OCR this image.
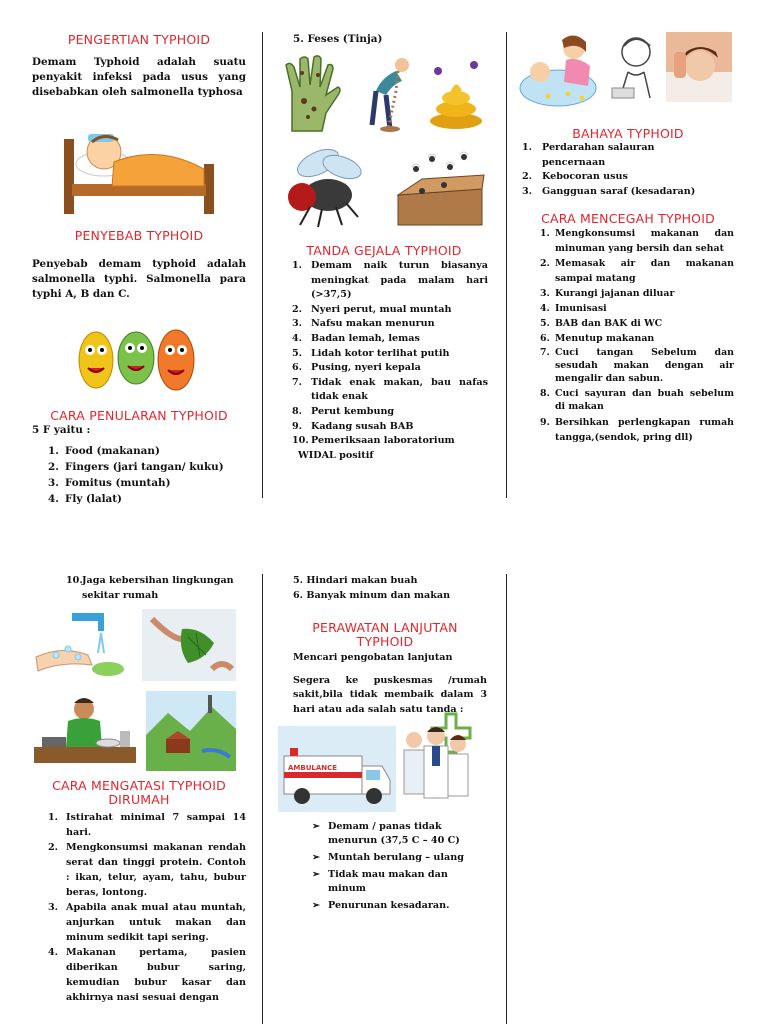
PENGERTIAN TYPHOID

Demam Typhoid adalah suatu penyakit infeksi pada usus yang disebabkan oleh salmonella typhosa

PENYEBAB TYPHOID

Penyebab demam typhoid adalah salmonella typhi. Salmonella para typhi A, B dan C.

CARA PENULARAN TYPHOID

5 F yaitu :

1. Food (makanan)
2. Fingers (jari tangan/ kuku)
3. Fomitus (muntah)
4. Fly (lalat)

5. Feses (Tinja)

TANDA GEJALA TYPHOID

1. Demam naik turun biasanya meningkat pada malam hari (>37,5)
2. Nyeri perut, mual muntah
3. Nafsu makan menurun
4. Badan lemah, lemas
5. Lidah kotor terlihat putih
6. Pusing, nyeri kepala
7. Tidak enak makan, bau nafas tidak enak
8. Perut kembung
9. Kadang susah BAB
10. Pemeriksaan laboratorium
WIDAL positif

BAHAYA TYPHOID

1. Perdarahan salauran pencernaan
2. Kebocoran usus
3. Gangguan saraf (kesadaran)

CARA MENCEGAH TYPHOID

1. Mengkonsumsi makanan dan minuman yang bersih dan sehat
2. Memasak air dan makanan sampai matang
3. Kurangi jajanan diluar
4. Imunisasi
5. BAB dan BAK di WC
6. Menutup makanan
7. Cuci tangan Sebelum dan sesudah makan dengan air mengalir dan sabun.
8. Cuci sayuran dan buah sebelum di makan
9. Bersihkan perlengkapan rumah tangga,(sendok, pring dll)
10. Jaga kebersihan lingkungan sekitar rumah

CARA MENGATASI TYPHOID
DIRUMAH

1. Istirahat minimal 7 sampai 14 hari.
2. Mengkonsumsi makanan rendah serat dan tinggi protein. Contoh : ikan, telur, ayam, tahu, bubur beras, lontong.
3. Apabila anak mual atau muntah, anjurkan untuk makan dan minum sedikit tapi sering.
4. Makanan pertama, pasien diberikan bubur saring, kemudian bubur kasar dan akhirnya nasi sesuai dengan

5. Hindari makan buah

6. Banyak minum dan makan

PERAWATAN LANJUTAN
TYPHOID

Mencari pengobatan lanjutan

Segera ke puskesmas /rumah sakit,bila tidak membaik dalam 3 hari atau ada salah satu tanda :

AMBULANCE
➢ Demam / panas tidak menurun (37,5 C – 40 C)
➢ Muntah berulang – ulang
➢ Tidak mau makan dan minum
➢ Penurunan kesadaran.
